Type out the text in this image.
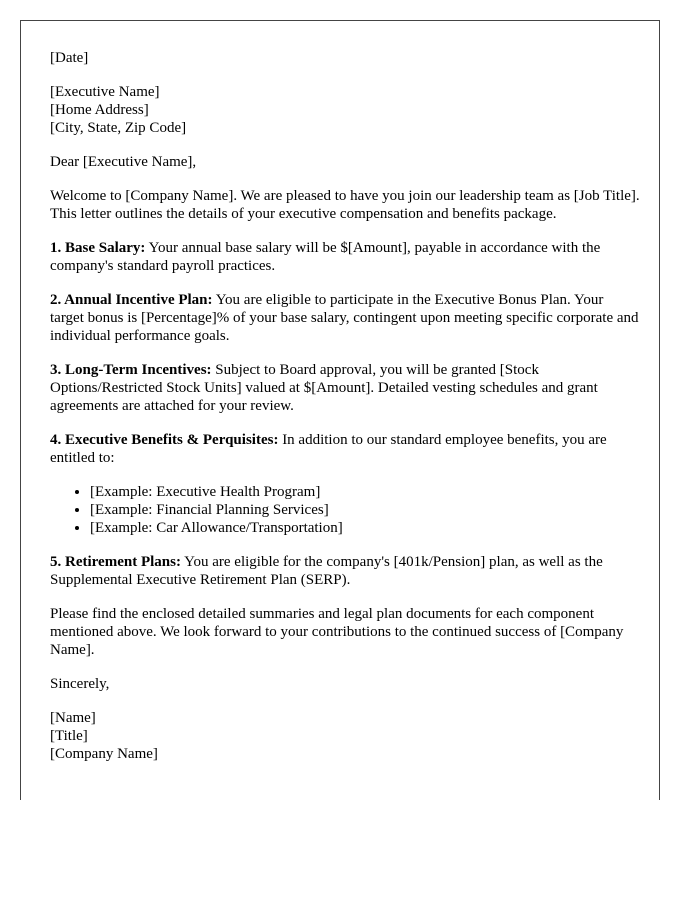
[Date]

[Executive Name]
[Home Address]
[City, State, Zip Code]

Dear [Executive Name],

Welcome to [Company Name]. We are pleased to have you join our leadership team as [Job Title]. This letter outlines the details of your executive compensation and benefits package.

1. Base Salary: Your annual base salary will be $[Amount], payable in accordance with the company's standard payroll practices.

2. Annual Incentive Plan: You are eligible to participate in the Executive Bonus Plan. Your target bonus is [Percentage]% of your base salary, contingent upon meeting specific corporate and individual performance goals.

3. Long-Term Incentives: Subject to Board approval, you will be granted [Stock Options/Restricted Stock Units] valued at $[Amount]. Detailed vesting schedules and grant agreements are attached for your review.

4. Executive Benefits & Perquisites: In addition to our standard employee benefits, you are entitled to:

• [Example: Executive Health Program]
• [Example: Financial Planning Services]
• [Example: Car Allowance/Transportation]

5. Retirement Plans: You are eligible for the company's [401k/Pension] plan, as well as the Supplemental Executive Retirement Plan (SERP).

Please find the enclosed detailed summaries and legal plan documents for each component mentioned above. We look forward to your contributions to the continued success of [Company Name].

Sincerely,

[Name]
[Title]
[Company Name]
